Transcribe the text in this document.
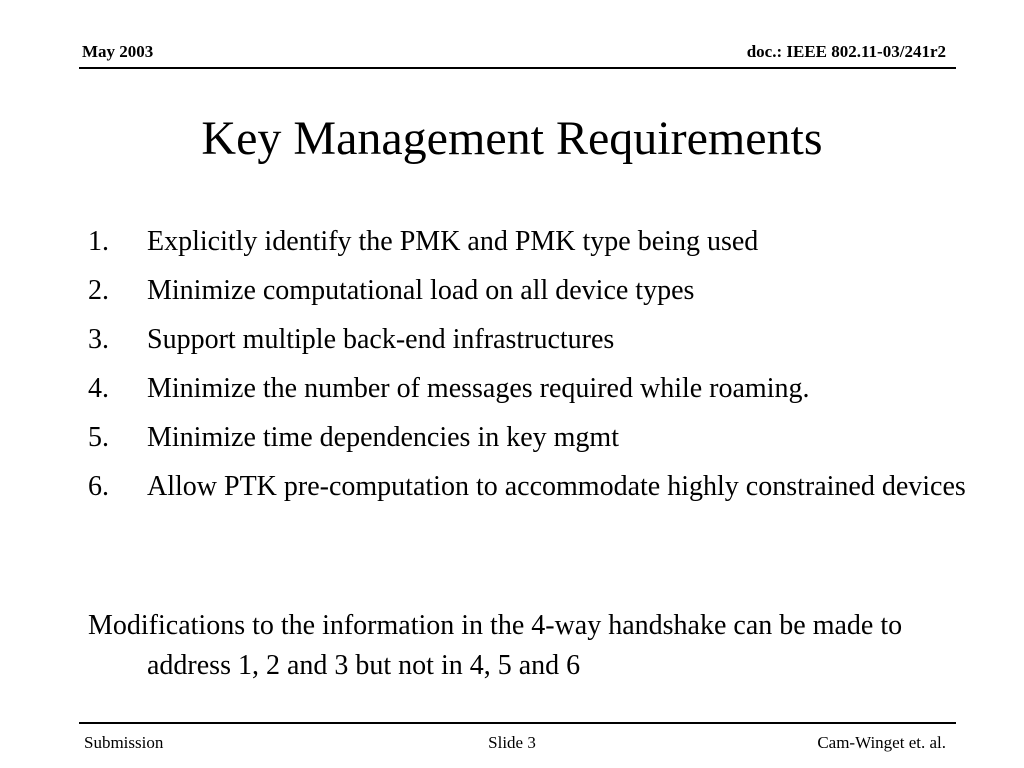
May 2003	doc.: IEEE 802.11-03/241r2
Key Management Requirements
1. Explicitly identify the PMK and PMK type being used
2. Minimize computational load on all device types
3. Support multiple back-end infrastructures
4. Minimize the number of messages required while roaming.
5. Minimize time dependencies in key mgmt
6. Allow PTK pre-computation to accommodate highly constrained devices
Modifications to the information in the 4-way handshake can be made to address 1, 2 and 3 but not in 4, 5 and 6
Submission	Slide 3	Cam-Winget et. al.
